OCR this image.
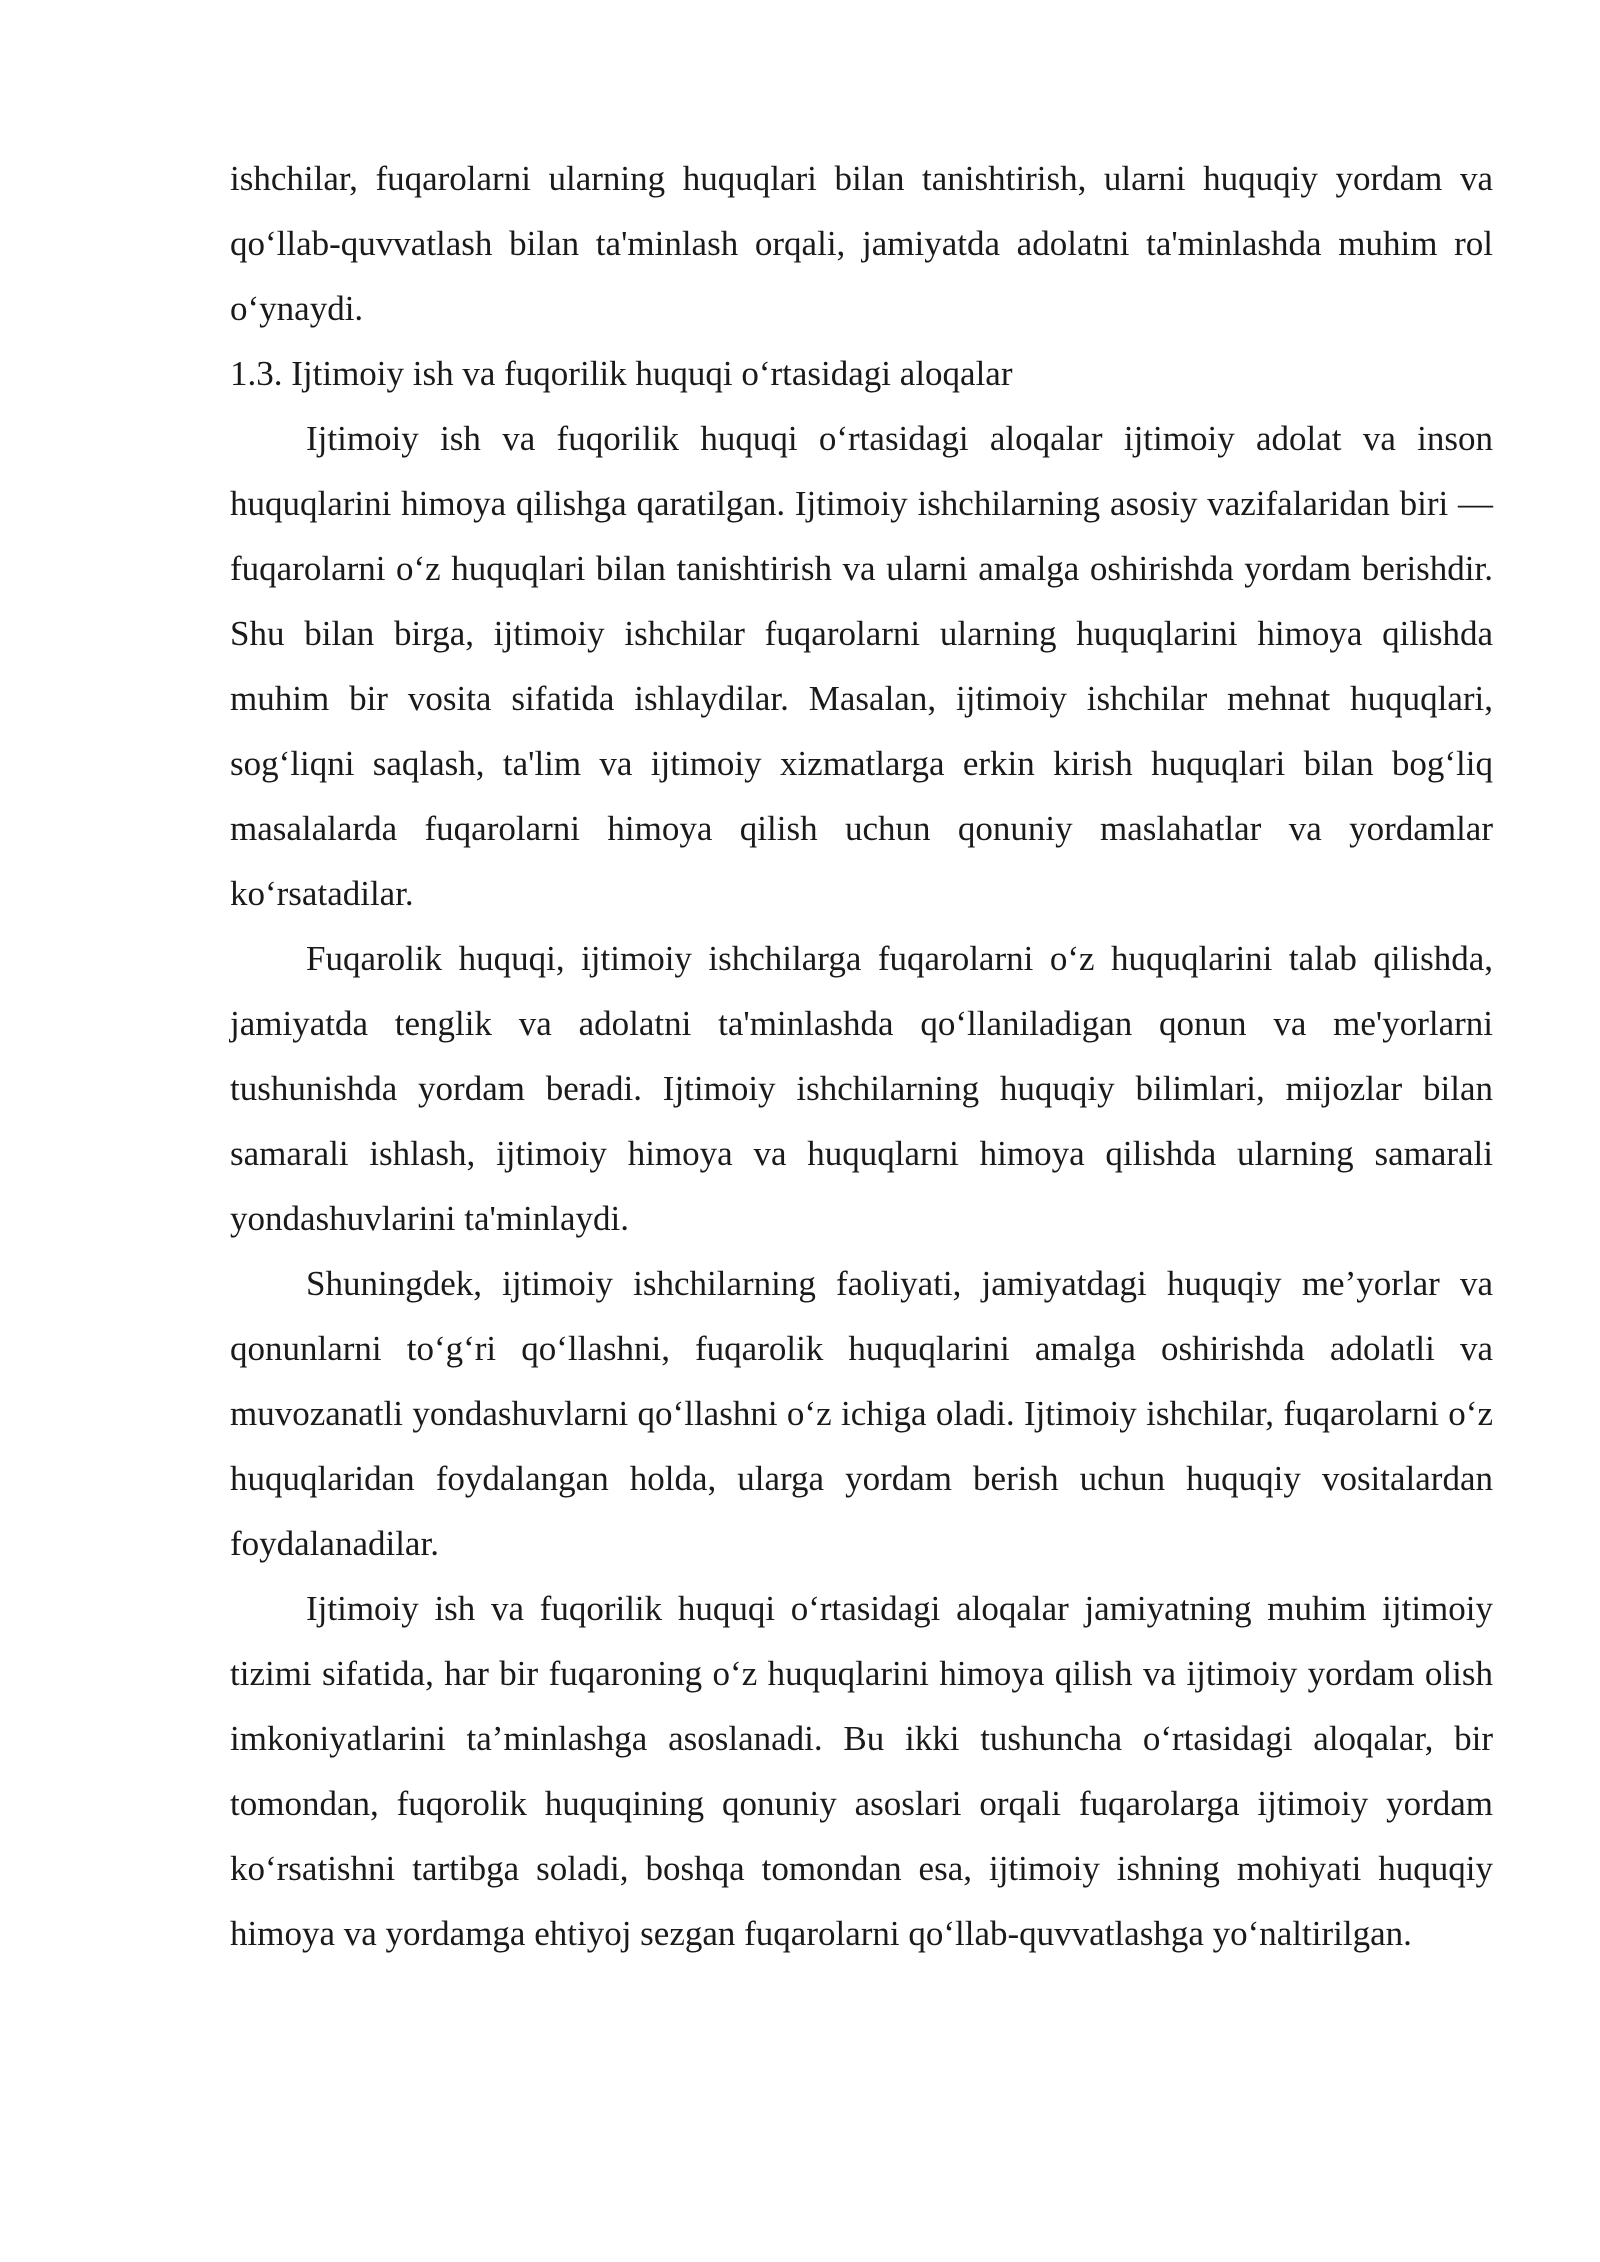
ishchilar, fuqarolarni ularning huquqlari bilan tanishtirish, ularni huquqiy yordam va qo‘llab-quvvatlash bilan ta'minlash orqali, jamiyatda adolatni ta'minlashda muhim rol o‘ynaydi.

1.3. Ijtimoiy ish va fuqorilik huquqi o‘rtasidagi aloqalar

Ijtimoiy ish va fuqorilik huquqi o‘rtasidagi aloqalar ijtimoiy adolat va inson huquqlarini himoya qilishga qaratilgan. Ijtimoiy ishchilarning asosiy vazifalaridan biri — fuqarolarni o‘z huquqlari bilan tanishtirish va ularni amalga oshirishda yordam berishdir. Shu bilan birga, ijtimoiy ishchilar fuqarolarni ularning huquqlarini himoya qilishda muhim bir vosita sifatida ishlaydilar. Masalan, ijtimoiy ishchilar mehnat huquqlari, sog‘liqni saqlash, ta'lim va ijtimoiy xizmatlarga erkin kirish huquqlari bilan bog‘liq masalalarda fuqarolarni himoya qilish uchun qonuniy maslahatlar va yordamlar ko‘rsatadilar.

Fuqarolik huquqi, ijtimoiy ishchilarga fuqarolarni o‘z huquqlarini talab qilishda, jamiyatda tenglik va adolatni ta'minlashda qo‘llaniladigan qonun va me'yorlarni tushunishda yordam beradi. Ijtimoiy ishchilarning huquqiy bilimlari, mijozlar bilan samarali ishlash, ijtimoiy himoya va huquqlarni himoya qilishda ularning samarali yondashuvlarini ta'minlaydi.

Shuningdek, ijtimoiy ishchilarning faoliyati, jamiyatdagi huquqiy me’yorlar va qonunlarni to‘g‘ri qo‘llashni, fuqarolik huquqlarini amalga oshirishda adolatli va muvozanatli yondashuvlarni qo‘llashni o‘z ichiga oladi. Ijtimoiy ishchilar, fuqarolarni o‘z huquqlaridan foydalangan holda, ularga yordam berish uchun huquqiy vositalardan foydalanadilar.

Ijtimoiy ish va fuqorilik huquqi o‘rtasidagi aloqalar jamiyatning muhim ijtimoiy tizimi sifatida, har bir fuqaroning o‘z huquqlarini himoya qilish va ijtimoiy yordam olish imkoniyatlarini ta’minlashga asoslanadi. Bu ikki tushuncha o‘rtasidagi aloqalar, bir tomondan, fuqorolik huquqining qonuniy asoslari orqali fuqarolarga ijtimoiy yordam ko‘rsatishni tartibga soladi, boshqa tomondan esa, ijtimoiy ishning mohiyati huquqiy himoya va yordamga ehtiyoj sezgan fuqarolarni qo‘llab-quvvatlashga yo‘naltirilgan.
